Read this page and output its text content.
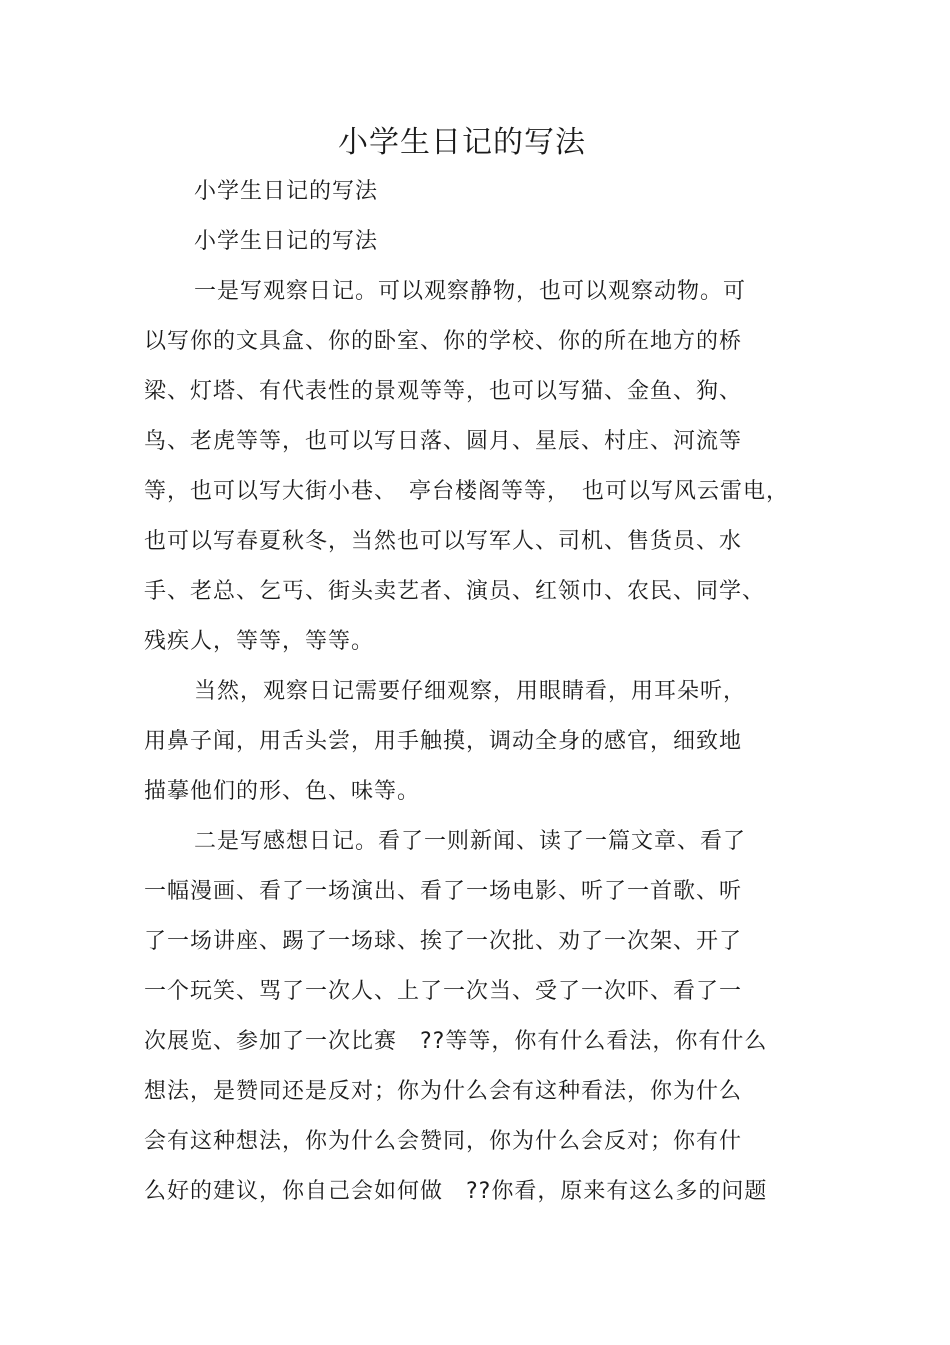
小学生日记的写法
小学生日记的写法
小学生日记的写法
一是写观察日记。可以观察静物，也可以观察动物。可
以写你的文具盒、你的卧室、你的学校、你的所在地方的桥
梁、灯塔、有代表性的景观等等，也可以写猫、金鱼、狗、
鸟、老虎等等，也可以写日落、圆月、星辰、村庄、河流等
等，也可以写大街小巷、　亭台楼阁等等，　也可以写风云雷电，
也可以写春夏秋冬，当然也可以写军人、司机、售货员、水
手、老总、乞丐、街头卖艺者、演员、红领巾、农民、同学、
残疾人，等等，等等。
当然，观察日记需要仔细观察，用眼睛看，用耳朵听，
用鼻子闻，用舌头尝，用手触摸，调动全身的感官，细致地
描摹他们的形、色、味等。
二是写感想日记。看了一则新闻、读了一篇文章、看了
一幅漫画、看了一场演出、看了一场电影、听了一首歌、听
了一场讲座、踢了一场球、挨了一次批、劝了一次架、开了
一个玩笑、骂了一次人、上了一次当、受了一次吓、看了一
次展览、参加了一次比赛　??等等，你有什么看法，你有什么
想法，是赞同还是反对；你为什么会有这种看法，你为什么
会有这种想法，你为什么会赞同，你为什么会反对；你有什
么好的建议，你自己会如何做　??你看，原来有这么多的问题
